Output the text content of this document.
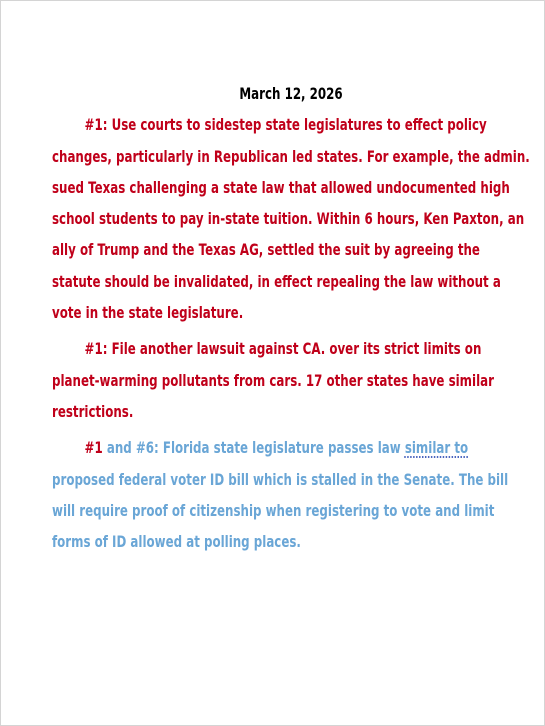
March 12, 2026

#1: Use courts to sidestep state legislatures to effect policy changes, particularly in Republican led states. For example, the admin. sued Texas challenging a state law that allowed undocumented high school students to pay in-state tuition. Within 6 hours, Ken Paxton, an ally of Trump and the Texas AG, settled the suit by agreeing the statute should be invalidated, in effect repealing the law without a vote in the state legislature.

#1: File another lawsuit against CA. over its strict limits on planet-warming pollutants from cars. 17 other states have similar restrictions.

#1 and #6: Florida state legislature passes law similar to proposed federal voter ID bill which is stalled in the Senate. The bill will require proof of citizenship when registering to vote and limit forms of ID allowed at polling places.
